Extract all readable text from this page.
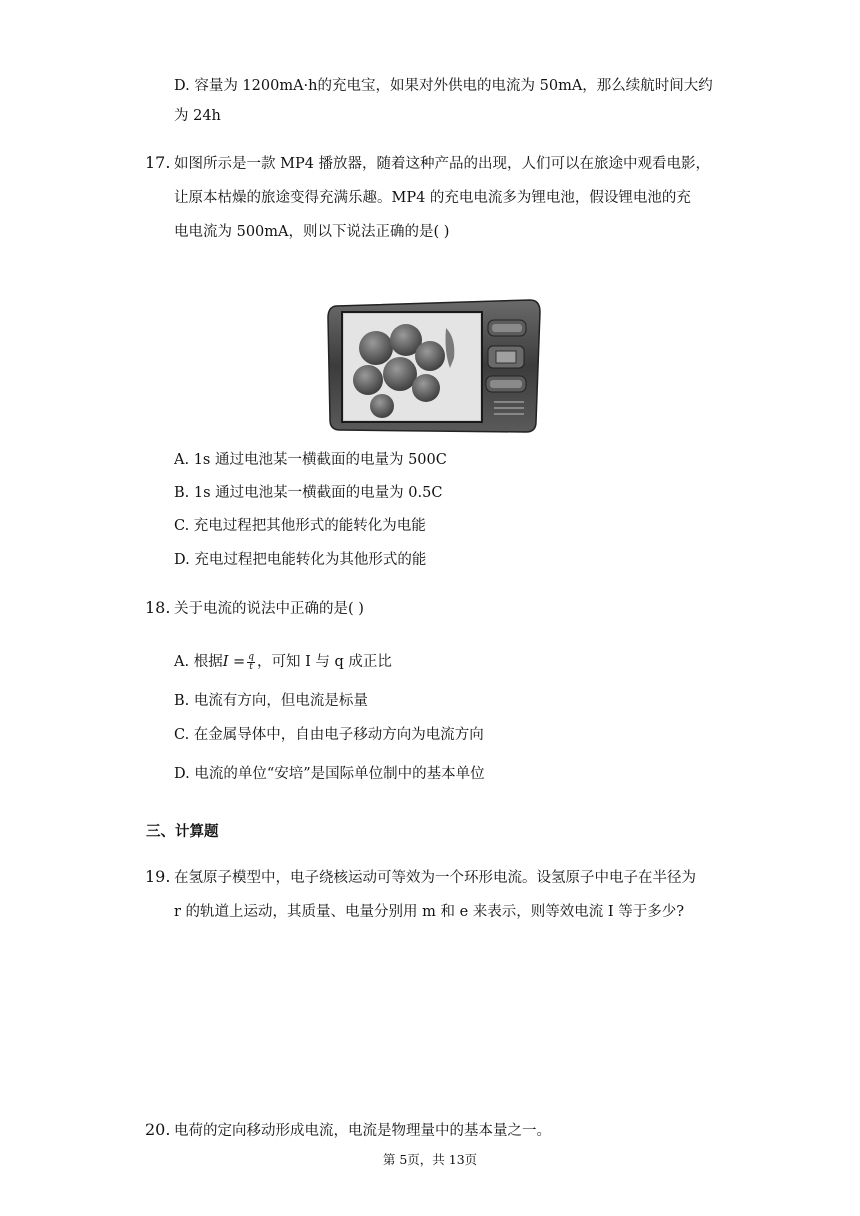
D. 容量为 1200mA·h的充电宝，如果对外供电的电流为 50mA，那么续航时间大约
为 24h
17. 如图所示是一款 MP4 播放器，随着这种产品的出现，人们可以在旅途中观看电影，
让原本枯燥的旅途变得充满乐趣。MP4 的充电电流多为锂电池，假设锂电池的充
电电流为 500mA，则以下说法正确的是( )
A. 1s 通过电池某一横截面的电量为 500C
B. 1s 通过电池某一横截面的电量为 0.5C
C. 充电过程把其他形式的能转化为电能
D. 充电过程把电能转化为其他形式的能
18. 关于电流的说法中正确的是( )
A. 根据$I = \frac{q}{t}$ ，可知 I 与 q 成正比
B. 电流有方向，但电流是标量
C. 在金属导体中，自由电子移动方向为电流方向
D. 电流的单位“安培”是国际单位制中的基本单位
三、计算题
19. 在氢原子模型中，电子绕核运动可等效为一个环形电流。设氢原子中电子在半径为
r 的轨道上运动，其质量、电量分别用 m 和 e 来表示，则等效电流 I 等于多少?
20. 电荷的定向移动形成电流，电流是物理量中的基本量之一。
第 5页，共 13页
